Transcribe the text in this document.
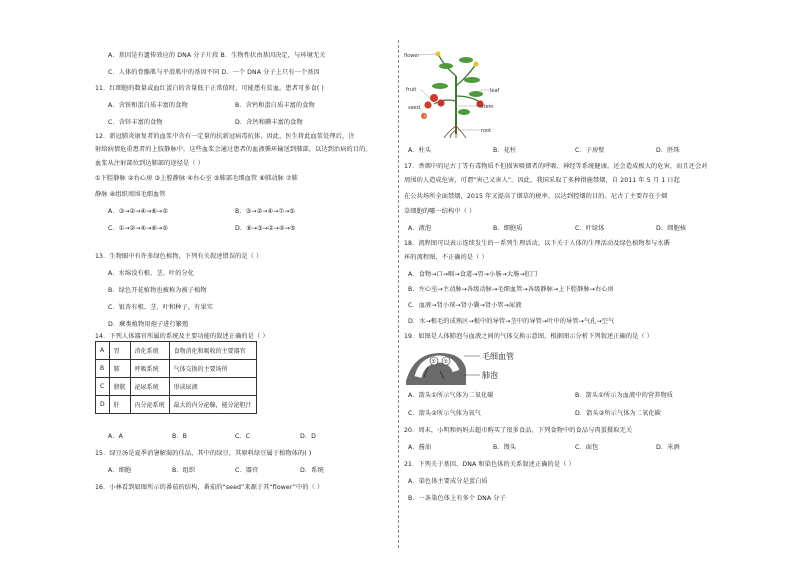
A．基因是有遗传效应的 DNA 分子片段 B．生物性状由基因决定，与环境无关
C．人体的骨骼肌与平滑肌中的基因不同 D．一个 DNA 分子上只有一个基因
11．红细胞的数量或血红蛋白的含量低于正常值时，可能患有贫血。患者可多食( )
A．含铁和蛋白质丰富的食物	B．含钙和蛋白质丰富的食物
C．含锌丰富的食物	D．含钙和碘丰富的食物
12．新冠肺炎康复者的血浆中含有一定量的抗新冠病毒抗体，因此，医生将此血浆处理后，注
射给病情危重患者的上肢静脉中，这些血浆会通过患者的血液循环输送到肺部，以达到治病的目的。
血浆从注射部位到达肺部的途径是（ ）
①下腔静脉 ②右心房 ③上腔静脉 ④右心室 ⑤肺部毛细血管 ⑥肺动脉 ⑦肺
静脉 ⑧组织周围毛细血管
A．③→②→④→⑥→⑤	B．③→②→④→⑦→⑤
C．①→②→④→⑥→⑤	D．⑧→③→②→④→⑤
13．生物圈中有许多绿色植物，下列有关叙述错误的是（ ）
A．水绵没有根、茎、叶的分化
B．绿色开花植物也被称为被子植物
C．银杏有根、茎、叶和种子，有果实
D．蕨类植物用孢子进行繁殖
14．下列人体器官所属的系统及主要功能的叙述正确的是（ ）
A	胃	消化系统	食物消化和吸收的主要器官
B	肺	呼吸系统	气体交换的主要场所
C	膀胱	泌尿系统	形成尿液
D	肝	内分泌系统	最大的内分泌腺，能分泌胆汁
A．A	B．B	C．C	D．D
15．绿豆汤是夏季消暑解渴的佳品，其中的绿豆，其原料绿豆属于植物体的( )
A．细胞	B．组织	C．器官	D．系统
16．小林看到如图所示的番茄的结构，番茄的“seed”来源于其“flower”中的（ ）
flower
fruit
seed
leaf
stem
root
A．柱头	B．花柱	C．子房壁	D．胚珠
17．香烟中的尼古丁等有毒物质不但损害吸烟者的呼吸、神经等系统健康，还会造成极大的危害，而且还会对
周围的人造成危害，可谓“害己又害人”。因此，我国采取了多种措施禁烟，自 2011 年 5 月 1 日起
在公共场所全面禁烟，2015 年又提高了烟草的税率，以达到控烟的目的。尼古丁主要存在于烟
草细胞的哪一结构中（ ）
A．液泡	B．细胞质	C．叶绿体	D．细胞核
18．流程图可以表示连续发生的一系列生理活动，以下关于人体的生理活动及绿色植物参与水循
环的流程图，不正确的是（ ）
A．食物→口→咽→食道→胃→小肠→大肠→肛门
B．左心室→主动脉→各级动脉→毛细血管→各级静脉→上下腔静脉→右心房
C．血液→肾小球→肾小囊→肾小管→尿液
D．水→根毛的成熟区→根中的导管→茎中的导管→叶中的导管→气孔→空气
19．如图是人体肺泡与血液之间的气体交换示意图，根据图示分析下列叙述正确的是（ ）
① ②
毛细血管
肺泡
A．箭头①所示气体为二氧化碳	B．箭头①所示为血液中的营养物质
C．箭头②所示气体为氧气	D．箭头②所示气体为二氧化碳
20．周末，小明和妈妈去超市购买了很多食品，下列食物中的食品与肉蛋摄取无关
A．酱油	B．馒头	C．面包	D．米酒
21．下列关于基因、DNA 和染色体的关系叙述正确的是（ ）
A．染色体主要成分是蛋白质
B．一条染色体上有多个 DNA 分子
